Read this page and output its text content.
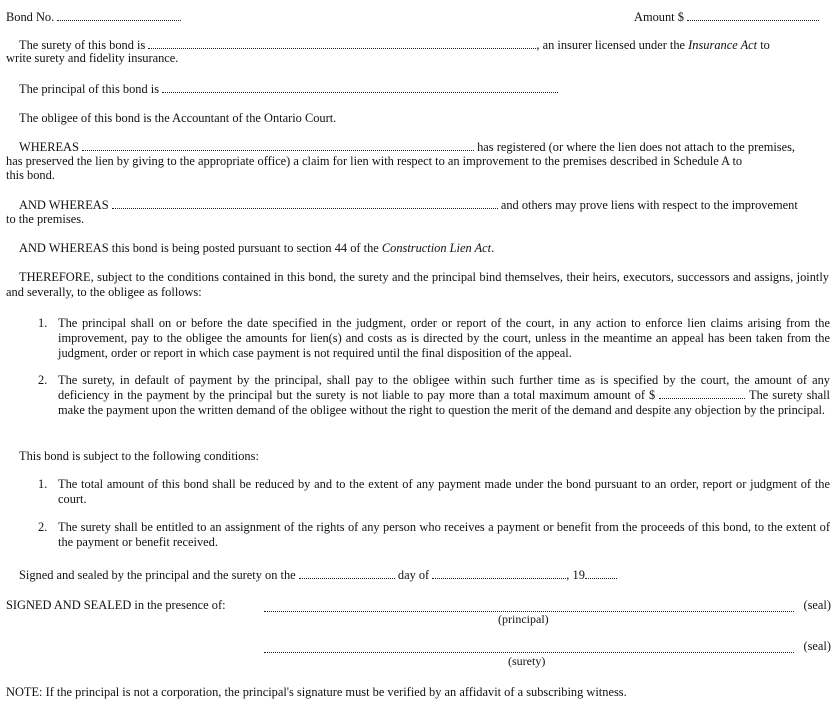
Bond No.	Amount $
The surety of this bond is	, an insurer licensed under the Insurance Act to
write surety and fidelity insurance.
The principal of this bond is
The obligee of this bond is the Accountant of the Ontario Court.
WHEREAS	has registered (or where the lien does not attach to the premises,
has preserved the lien by giving to the appropriate office) a claim for lien with respect to an improvement to the premises described in Schedule A to
this bond.
AND WHEREAS	and others may prove liens with respect to the improvement
to the premises.
AND WHEREAS this bond is being posted pursuant to section 44 of the Construction Lien Act.
THEREFORE, subject to the conditions contained in this bond, the surety and the principal bind themselves, their heirs, executors, successors and assigns, jointly and severally, to the obligee as follows:
1. The principal shall on or before the date specified in the judgment, order or report of the court, in any action to enforce lien claims arising from the improvement, pay to the obligee the amounts for lien(s) and costs as is directed by the court, unless in the meantime an appeal has been taken from the judgment, order or report in which case payment is not required until the final disposition of the appeal.
2. The surety, in default of payment by the principal, shall pay to the obligee within such further time as is specified by the court, the amount of any deficiency in the payment by the principal but the surety is not liable to pay more than a total maximum amount of $	The surety shall make the payment upon the written demand of the obligee without the right to question the merit of the demand and despite any objection by the principal.
This bond is subject to the following conditions:
1. The total amount of this bond shall be reduced by and to the extent of any payment made under the bond pursuant to an order, report or judgment of the court.
2. The surety shall be entitled to an assignment of the rights of any person who receives a payment or benefit from the proceeds of this bond, to the extent of the payment or benefit received.
Signed and sealed by the principal and the surety on the	day of	, 19
SIGNED AND SEALED in the presence of:	(seal)
(principal)
(seal)
(surety)
NOTE: If the principal is not a corporation, the principal's signature must be verified by an affidavit of a subscribing witness.
